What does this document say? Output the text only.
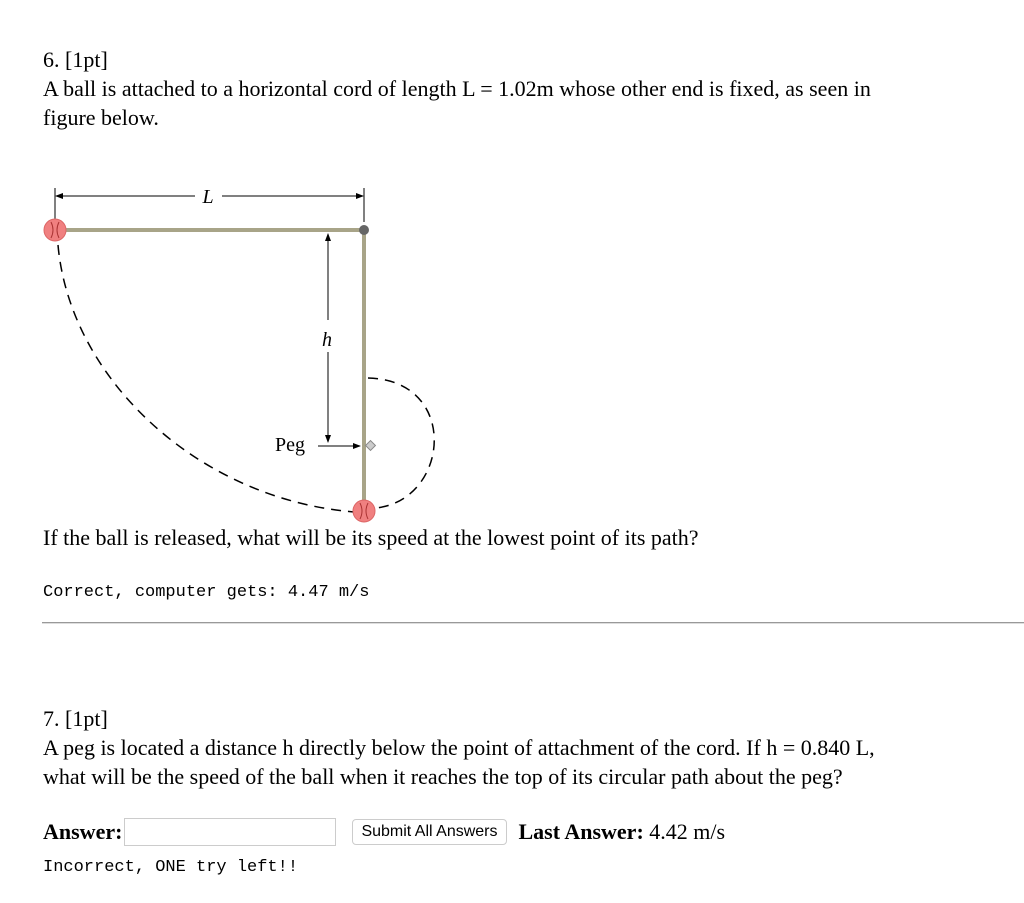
6. [1pt]
A ball is attached to a horizontal cord of length L = 1.02m whose other end is fixed, as seen in
figure below.
L
h
Peg
If the ball is released, what will be its speed at the lowest point of its path?
Correct, computer gets: 4.47 m/s
7. [1pt]
A peg is located a distance h directly below the point of attachment of the cord. If h = 0.840 L,
what will be the speed of the ball when it reaches the top of its circular path about the peg?
Answer:	Submit All Answers Last Answer:
4.42 m/s
Incorrect, ONE try left!!
